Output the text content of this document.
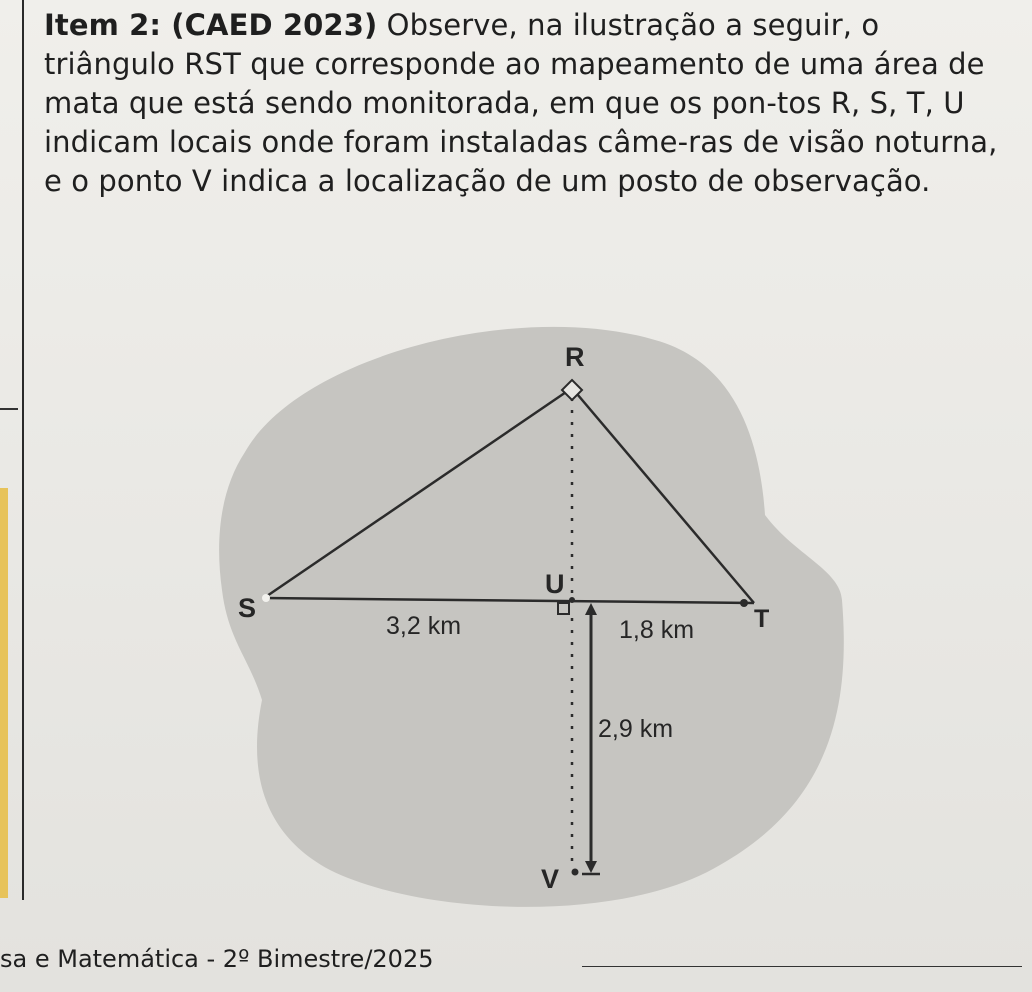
Item 2: (CAED 2023) Observe, na ilustração a seguir, o triângulo RST que corresponde ao mapeamento de uma área de mata que está sendo monitorada, em que os pon-tos R, S, T, U indicam locais onde foram instaladas câme-ras de visão noturna, e o ponto V indica a localização de um posto de observação.
R
S	T
U
V
3,2 km	1,8 km
2,9 km
sa e Matemática - 2º Bimestre/2025
